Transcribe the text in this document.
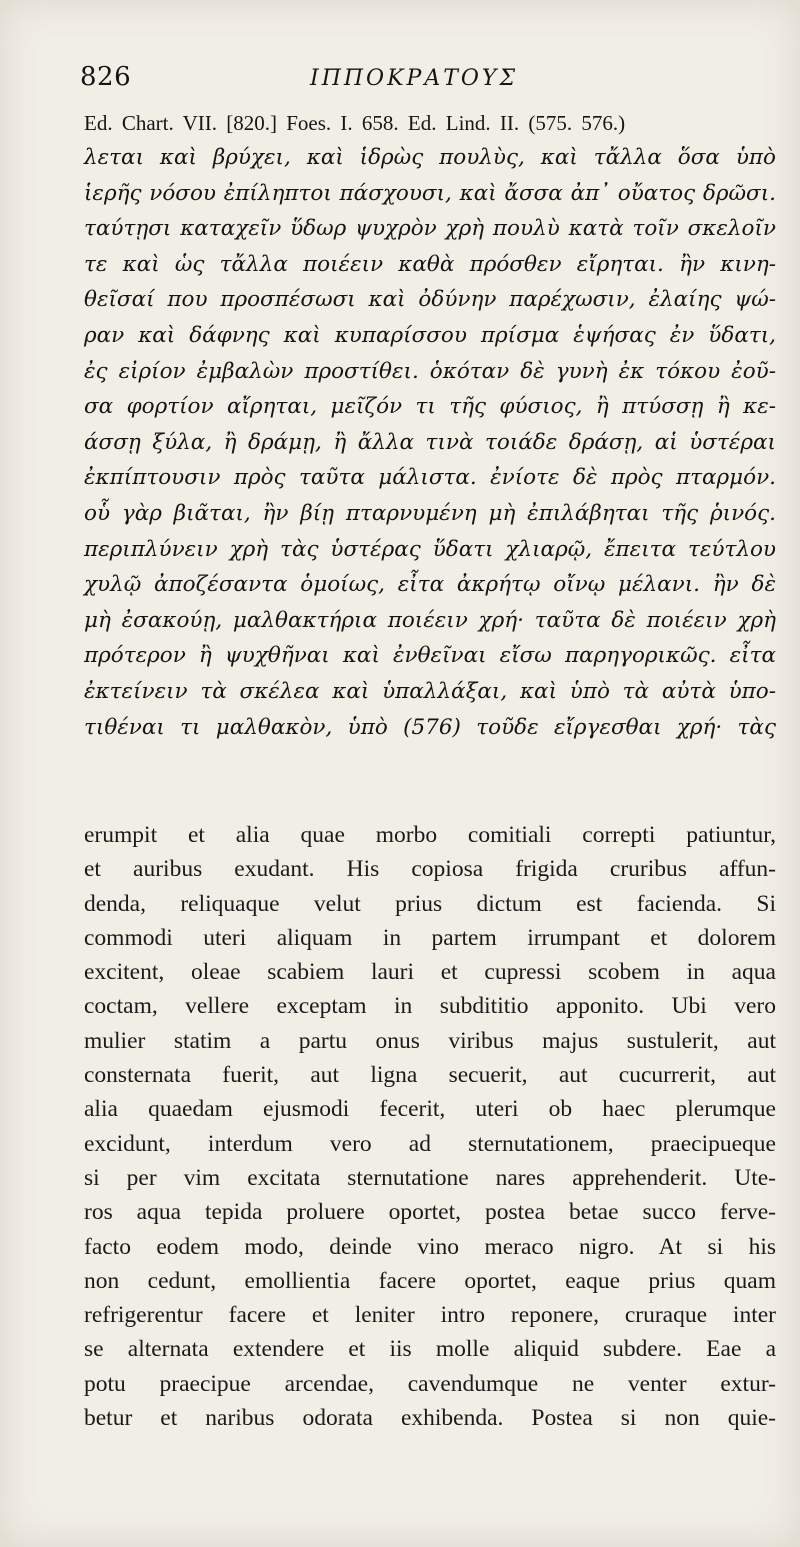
826	ΙΠΠΟΚΡΑΤΟΥΣ
Ed. Chart. VII. [820.] Foes. I. 658. Ed. Lind. II. (575. 576.)
λεται καὶ βρύχει, καὶ ἱδρὼς πουλὺς, καὶ τἄλλα ὅσα ὑπὸ
ἱερῆς νόσου ἐπίληπτοι πάσχουσι, καὶ ἄσσα ἀπ᾽ οὔατος δρῶσι.
ταύτῃσι καταχεῖν ὕδωρ ψυχρὸν χρὴ πουλὺ κατὰ τοῖν σκελοῖν
τε καὶ ὡς τἄλλα ποιέειν καθὰ πρόσθεν εἴρηται. ἢν κινη-
θεῖσαί που προσπέσωσι καὶ ὀδύνην παρέχωσιν, ἐλαίης ψώ-
ραν καὶ δάφνης καὶ κυπαρίσσου πρίσμα ἑψήσας ἐν ὕδατι,
ἐς εἰρίον ἐμβαλὼν προστίθει. ὁκόταν δὲ γυνὴ ἐκ τόκου ἐοῦ-
σα φορτίον αἴρηται, μεῖζόν τι τῆς φύσιος, ἢ πτύσσῃ ἢ κε-
άσσῃ ξύλα, ἢ δράμῃ, ἢ ἄλλα τινὰ τοιάδε δράσῃ, αἱ ὑστέραι
ἐκπίπτουσιν πρὸς ταῦτα μάλιστα. ἐνίοτε δὲ πρὸς πταρμόν.
οὗ γὰρ βιᾶται, ἢν βίῃ πταρνυμένη μὴ ἐπιλάβηται τῆς ῥινός.
περιπλύνειν χρὴ τὰς ὑστέρας ὕδατι χλιαρῷ, ἔπειτα τεύτλου
χυλῷ ἀποζέσαντα ὁμοίως, εἶτα ἀκρήτῳ οἴνῳ μέλανι. ἢν δὲ
μὴ ἐσακούῃ, μαλθακτήρια ποιέειν χρή· ταῦτα δὲ ποιέειν χρὴ
πρότερον ἢ ψυχθῆναι καὶ ἐνθεῖναι εἴσω παρηγορικῶς. εἶτα
ἐκτείνειν τὰ σκέλεα καὶ ὑπαλλάξαι, καὶ ὑπὸ τὰ αὐτὰ ὑπο-
τιθέναι τι μαλθακὸν, ὑπὸ (576) τοῦδε εἴργεσθαι χρή· τὰς
erumpit et alia quae morbo comitiali correpti patiuntur,
et auribus exudant. His copiosa frigida cruribus affun-
denda, reliquaque velut prius dictum est facienda. Si
commodi uteri aliquam in partem irrumpant et dolorem
excitent, oleae scabiem lauri et cupressi scobem in aqua
coctam, vellere exceptam in subdititio apponito. Ubi vero
mulier statim a partu onus viribus majus sustulerit, aut
consternata fuerit, aut ligna secuerit, aut cucurrerit, aut
alia quaedam ejusmodi fecerit, uteri ob haec plerumque
excidunt, interdum vero ad sternutationem, praecipueque
si per vim excitata sternutatione nares apprehenderit. Ute-
ros aqua tepida proluere oportet, postea betae succo ferve-
facto eodem modo, deinde vino meraco nigro. At si his
non cedunt, emollientia facere oportet, eaque prius quam
refrigerentur facere et leniter intro reponere, cruraque inter
se alternata extendere et iis molle aliquid subdere. Eae a
potu praecipue arcendae, cavendumque ne venter extur-
betur et naribus odorata exhibenda. Postea si non quie-
